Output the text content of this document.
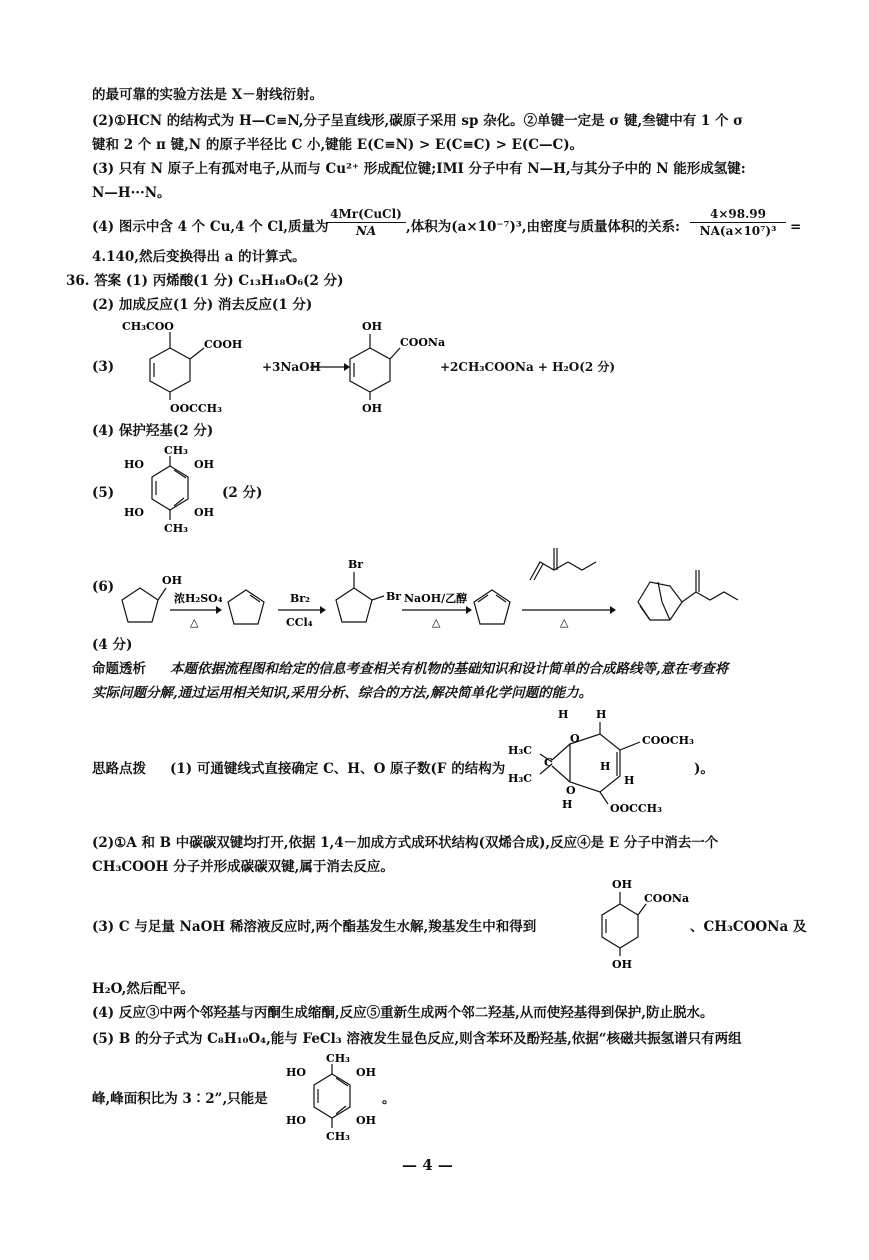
的最可靠的实验方法是 X－射线衍射。
(2)①HCN 的结构式为 H—C≡N,分子呈直线形,碳原子采用 sp 杂化。②单键一定是 σ 键,叁键中有 1 个 σ
键和 2 个 π 键,N 的原子半径比 C 小,键能 E(C≡N) > E(C≡C) > E(C—C)。
(3) 只有 N 原子上有孤对电子,从而与 Cu²⁺ 形成配位键;IMI 分子中有 N—H,与其分子中的 N 能形成氢键:
N—H···N。
(4) 图示中含 4 个 Cu,4 个 Cl,质量为
4Mr(CuCl)
NA	,体积为(a×10⁻⁷)³,由密度与质量体积的关系: $\frac{4\times 98.99}{\text{NA(a×10⁷)³}}$ =
4.140,然后变换得出 a 的计算式。
36. 答案 (1) 丙烯酸(1 分) C₁₃H₁₈O₆(2 分)
(2) 加成反应(1 分) 消去反应(1 分)
(3)
CH₃COO
COOH
OOCCH₃
+3NaOH
OH
COONa
OH
+2CH₃COONa + H₂O(2 分)
(4) 保护羟基(2 分)
(5)
HO
CH₃
OH
HO
CH₃
OH
(2 分)
(6)	OH
浓H₂SO₄
△
Br₂
CCl₄
Br
Br NaOH/乙醇
△	△
(4 分)
命题透析 本题依据流程图和给定的信息考查相关有机物的基础知识和设计简单的合成路线等,意在考查将
实际问题分解,通过运用相关知识,采用分析、综合的方法,解决简单化学问题的能力。
思路点拨 (1) 可通键线式直接确定 C、H、O 原子数(F 的结构为
H	H
H₃C
C
H₃C
COOCH₃
H
H
H	OOCCH₃
O
O
)。
(2)①A 和 B 中碳碳双键均打开,依据 1,4－加成方式成环状结构(双烯合成),反应④是 E 分子中消去一个
CH₃COOH 分子并形成碳碳双键,属于消去反应。
(3) C 与足量 NaOH 稀溶液反应时,两个酯基发生水解,羧基发生中和得到
OH
COONa
OH
、CH₃COONa 及
H₂O,然后配平。
(4) 反应③中两个邻羟基与丙酮生成缩酮,反应⑤重新生成两个邻二羟基,从而使羟基得到保护,防止脱水。
(5) B 的分子式为 C₈H₁₀O₄,能与 FeCl₃ 溶液发生显色反应,则含苯环及酚羟基,依据“核磁共振氢谱只有两组
峰,峰面积比为 3∶2”,只能是
HO
CH₃
OH
HO
CH₃
OH
。
— 4 —
